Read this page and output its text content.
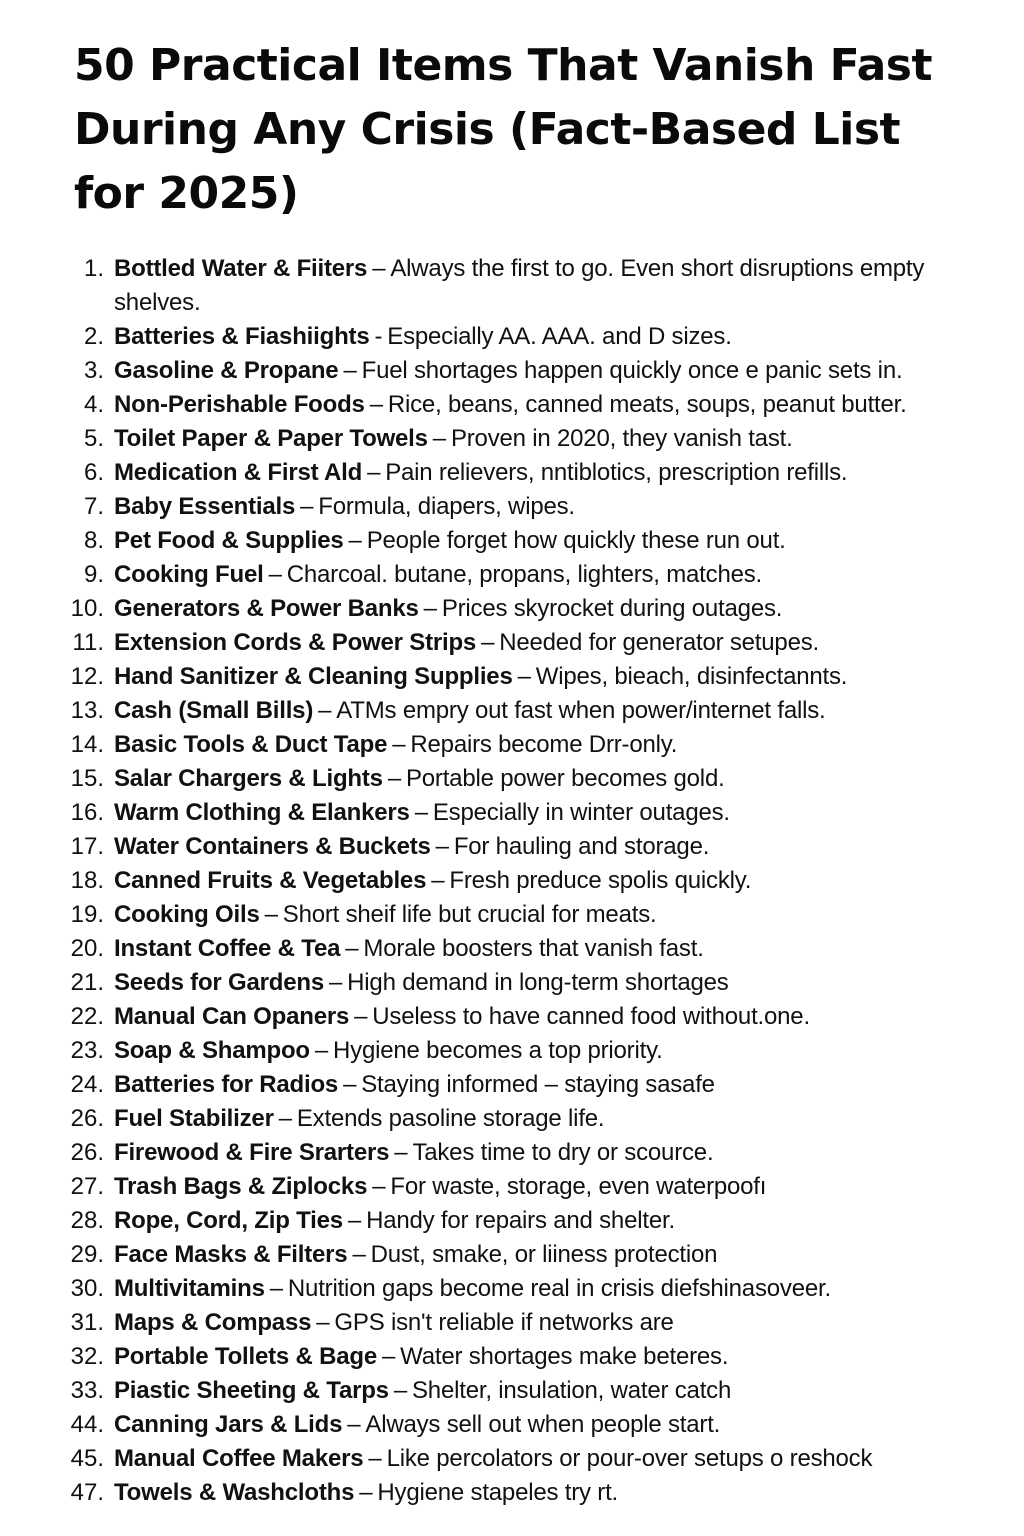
50 Practical Items That Vanish Fast During Any Crisis (Fact-Based List for 2025)
1. Bottled Water & Fiiters – Always the first to go. Even short disruptions empty shelves.
2. Batteries & Fiashiights - Especially AA. AAA. and D sizes.
3. Gasoline & Propane – Fuel shortages happen quickly once e panic sets in.
4. Non-Perishable Foods – Rice, beans, canned meats, soups, peanut butter.
5. Toilet Paper & Paper Towels – Proven in 2020, they vanish tast.
6. Medication & First Ald – Pain relievers, nntiblotics, prescription refills.
7. Baby Essentials – Formula, diapers, wipes.
8. Pet Food & Supplies – People forget how quickly these run out.
9. Cooking Fuel – Charcoal. butane, propans, lighters, matches.
10. Generators & Power Banks – Prices skyrocket during outages.
11. Extension Cords & Power Strips – Needed for generator setupes.
12. Hand Sanitizer & Cleaning Supplies – Wipes, bieach, disinfectannts.
13. Cash (Small Bills) – ATMs empry out fast when power/internet falls.
14. Basic Tools & Duct Tape – Repairs become Drr-only.
15. Salar Chargers & Lights – Portable power becomes gold.
16. Warm Clothing & Elankers – Especially in winter outages.
17. Water Containers & Buckets – For hauling and storage.
18. Canned Fruits & Vegetables – Fresh preduce spolis quickly.
19. Cooking Oils – Short sheif life but crucial for meats.
20. Instant Coffee & Tea – Morale boosters that vanish fast.
21. Seeds for Gardens – High demand in long-term shortages
22. Manual Can Opaners – Useless to have canned food without.one.
23. Soap & Shampoo – Hygiene becomes a top priority.
24. Batteries for Radios – Staying informed – staying sasafe
26. Fuel Stabilizer – Extends pasoline storage life.
26. Firewood & Fire Srarters – Takes time to dry or scource.
27. Trash Bags & Ziplocks – For waste, storage, even waterpoofı
28. Rope, Cord, Zip Ties – Handy for repairs and shelter.
29. Face Masks & Filters – Dust, smake, or liiness protection
30. Multivitamins – Nutrition gaps become real in crisis diefshinasoveer.
31. Maps & Compass – GPS isn't reliable if networks are
32. Portable Tollets & Bage – Water shortages make beteres.
33. Piastic Sheeting & Tarps – Shelter, insulation, water catch
44. Canning Jars & Lids – Always sell out when people start.
45. Manual Coffee Makers – Like percolators or pour-over setups o reshock
47. Towels & Washcloths – Hygiene stapeles try rt.
